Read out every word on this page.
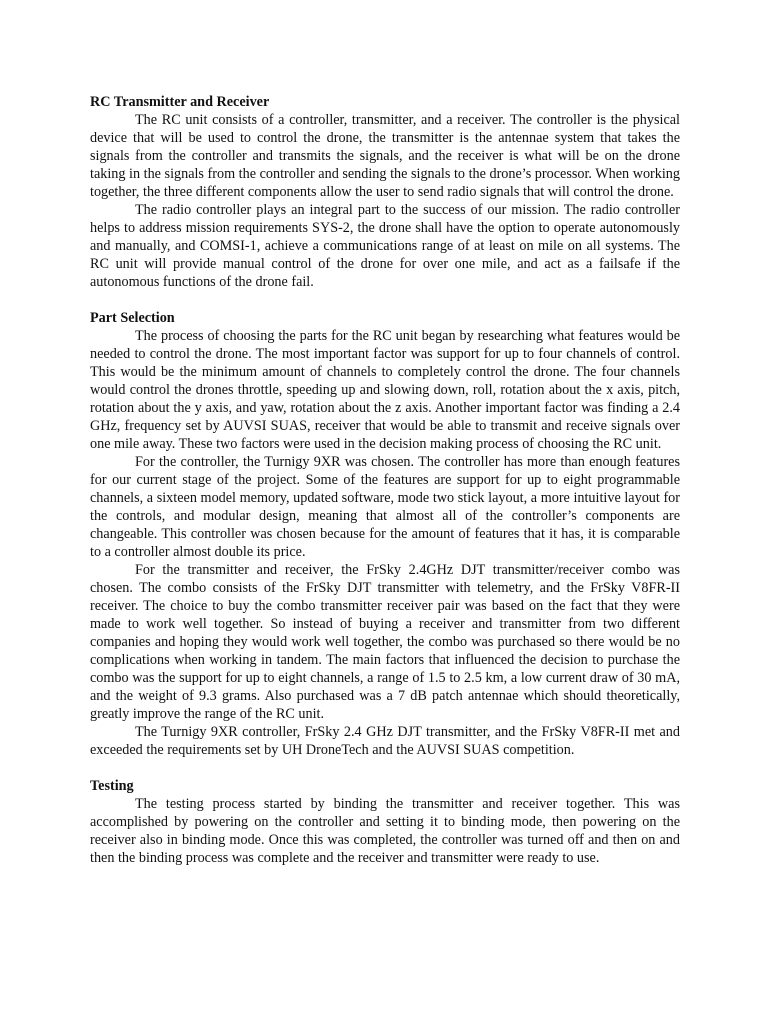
RC Transmitter and Receiver

The RC unit consists of a controller, transmitter, and a receiver. The controller is the physical device that will be used to control the drone, the transmitter is the antennae system that takes the signals from the controller and transmits the signals, and the receiver is what will be on the drone taking in the signals from the controller and sending the signals to the drone’s processor. When working together, the three different components allow the user to send radio signals that will control the drone.

The radio controller plays an integral part to the success of our mission. The radio controller helps to address mission requirements SYS-2, the drone shall have the option to operate autonomously and manually, and COMSI-1, achieve a communications range of at least on mile on all systems. The RC unit will provide manual control of the drone for over one mile, and act as a failsafe if the autonomous functions of the drone fail.

Part Selection

The process of choosing the parts for the RC unit began by researching what features would be needed to control the drone. The most important factor was support for up to four channels of control. This would be the minimum amount of channels to completely control the drone. The four channels would control the drones throttle, speeding up and slowing down, roll, rotation about the x axis, pitch, rotation about the y axis, and yaw, rotation about the z axis. Another important factor was finding a 2.4 GHz, frequency set by AUVSI SUAS, receiver that would be able to transmit and receive signals over one mile away. These two factors were used in the decision making process of choosing the RC unit.

For the controller, the Turnigy 9XR was chosen. The controller has more than enough features for our current stage of the project. Some of the features are support for up to eight programmable channels, a sixteen model memory, updated software, mode two stick layout, a more intuitive layout for the controls, and modular design, meaning that almost all of the controller’s components are changeable. This controller was chosen because for the amount of features that it has, it is comparable to a controller almost double its price.

For the transmitter and receiver, the FrSky 2.4GHz DJT transmitter/receiver combo was chosen. The combo consists of the FrSky DJT transmitter with telemetry, and the FrSky V8FR-II receiver. The choice to buy the combo transmitter receiver pair was based on the fact that they were made to work well together. So instead of buying a receiver and transmitter from two different companies and hoping they would work well together, the combo was purchased so there would be no complications when working in tandem. The main factors that influenced the decision to purchase the combo was the support for up to eight channels, a range of 1.5 to 2.5 km, a low current draw of 30 mA, and the weight of 9.3 grams. Also purchased was a 7 dB patch antennae which should theoretically, greatly improve the range of the RC unit.

The Turnigy 9XR controller, FrSky 2.4 GHz DJT transmitter, and the FrSky V8FR-II met and exceeded the requirements set by UH DroneTech and the AUVSI SUAS competition.

Testing

The testing process started by binding the transmitter and receiver together. This was accomplished by powering on the controller and setting it to binding mode, then powering on the receiver also in binding mode. Once this was completed, the controller was turned off and then on and then the binding process was complete and the receiver and transmitter were ready to use.
